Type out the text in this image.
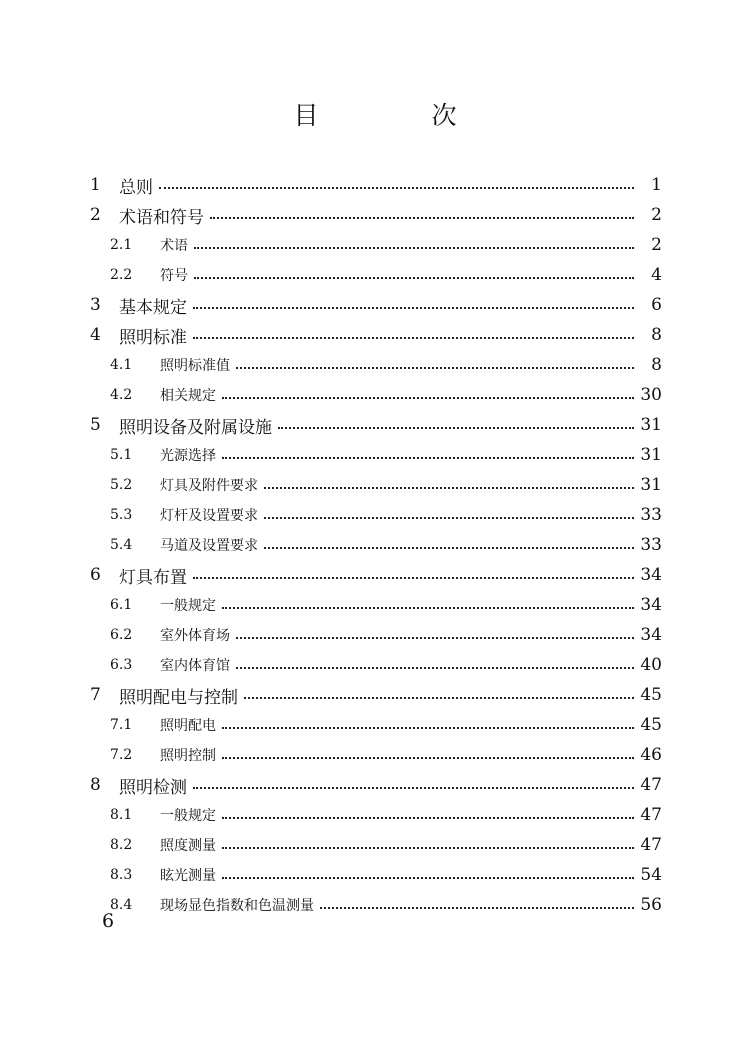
目　次
1	总则	1
2	术语和符号	2
2.1	术语	2
2.2	符号	4
3	基本规定	6
4	照明标准	8
4.1	照明标准值	8
4.2	相关规定	30
5	照明设备及附属设施	31
5.1	光源选择	31
5.2	灯具及附件要求	31
5.3	灯杆及设置要求	33
5.4	马道及设置要求	33
6	灯具布置	34
6.1	一般规定	34
6.2	室外体育场	34
6.3	室内体育馆	40
7	照明配电与控制	45
7.1	照明配电	45
7.2	照明控制	46
8	照明检测	47
8.1	一般规定	47
8.2	照度测量	47
8.3	眩光测量	54
8.4	现场显色指数和色温测量	56
6
